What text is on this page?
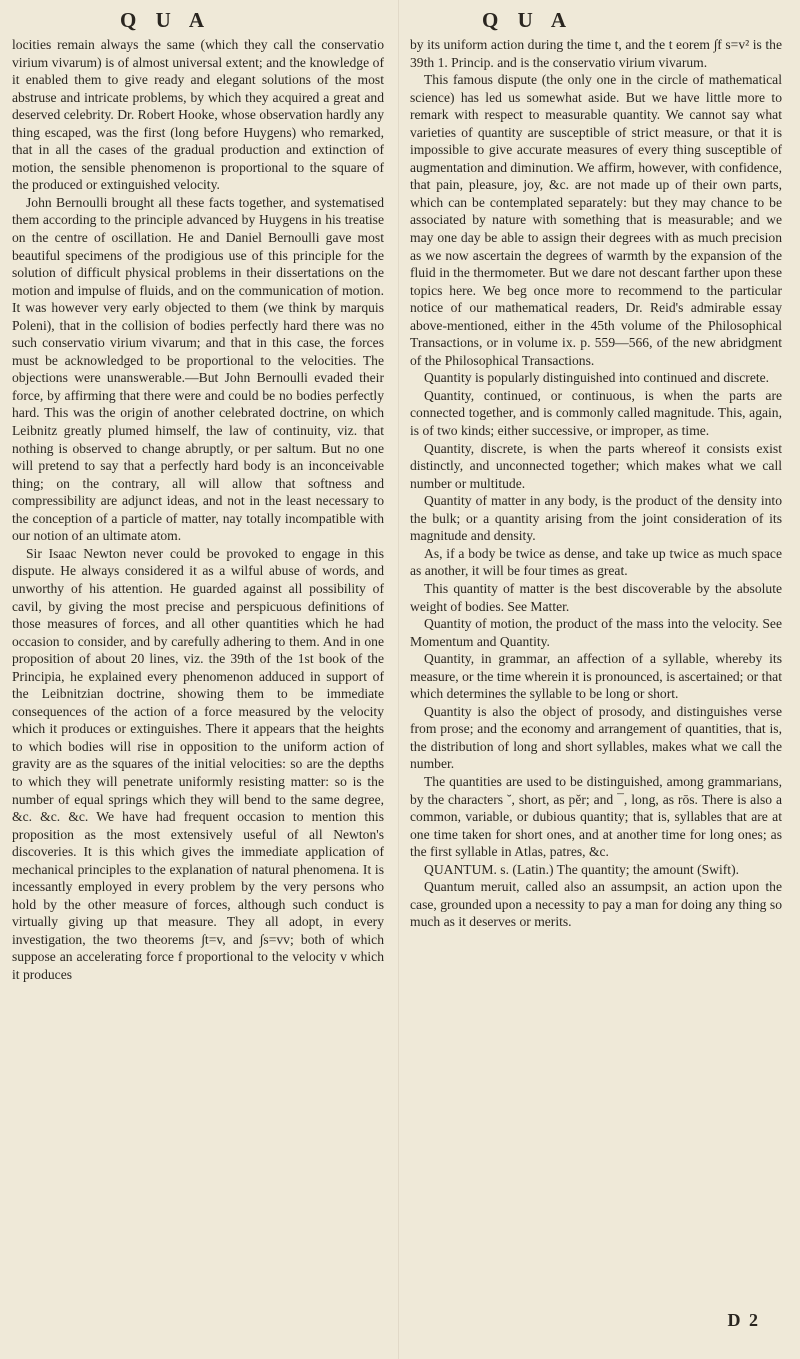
Q U A

locities remain always the same (which they call the conservatio virium vivarum) is of almost universal extent; and the knowledge of it enabled them to give ready and elegant solutions of the most abstruse and intricate problems, by which they acquired a great and deserved celebrity. Dr. Robert Hooke, whose observation hardly any thing escaped, was the first (long before Huygens) who remarked, that in all the cases of the gradual production and extinction of motion, the sensible phenomenon is proportional to the square of the produced or extinguished velocity.

John Bernoulli brought all these facts together, and systematised them according to the principle advanced by Huygens in his treatise on the centre of oscillation. He and Daniel Bernoulli gave most beautiful specimens of the prodigious use of this principle for the solution of difficult physical problems in their dissertations on the motion and impulse of fluids, and on the communication of motion. It was however very early objected to them (we think by marquis Poleni), that in the collision of bodies perfectly hard there was no such conservatio virium vivarum; and that in this case, the forces must be acknowledged to be proportional to the velocities. The objections were unanswerable.—But John Bernoulli evaded their force, by affirming that there were and could be no bodies perfectly hard. This was the origin of another celebrated doctrine, on which Leibnitz greatly plumed himself, the law of continuity, viz. that nothing is observed to change abruptly, or per saltum. But no one will pretend to say that a perfectly hard body is an inconceivable thing; on the contrary, all will allow that softness and compressibility are adjunct ideas, and not in the least necessary to the conception of a particle of matter, nay totally incompatible with our notion of an ultimate atom.

Sir Isaac Newton never could be provoked to engage in this dispute. He always considered it as a wilful abuse of words, and unworthy of his attention. He guarded against all possibility of cavil, by giving the most precise and perspicuous definitions of those measures of forces, and all other quantities which he had occasion to consider, and by carefully adhering to them. And in one proposition of about 20 lines, viz. the 39th of the 1st book of the Principia, he explained every phenomenon adduced in support of the Leibnitzian doctrine, showing them to be immediate consequences of the action of a force measured by the velocity which it produces or extinguishes. There it appears that the heights to which bodies will rise in opposition to the uniform action of gravity are as the squares of the initial velocities: so are the depths to which they will penetrate uniformly resisting matter: so is the number of equal springs which they will bend to the same degree, &c. &c. &c. We have had frequent occasion to mention this proposition as the most extensively useful of all Newton's discoveries. It is this which gives the immediate application of mechanical principles to the explanation of natural phenomena. It is incessantly employed in every problem by the very persons who hold by the other measure of forces, although such conduct is virtually giving up that measure. They all adopt, in every investigation, the two theorems ∫t=v, and ∫s=vv; both of which suppose an accelerating force f proportional to the velocity v which it produces

Q U A

by its uniform action during the time t, and the t eorem ∫f s=v² is the 39th 1. Princip. and is the conservatio virium vivarum.

This famous dispute (the only one in the circle of mathematical science) has led us somewhat aside. But we have little more to remark with respect to measurable quantity. We cannot say what varieties of quantity are susceptible of strict measure, or that it is impossible to give accurate measures of every thing susceptible of augmentation and diminution. We affirm, however, with confidence, that pain, pleasure, joy, &c. are not made up of their own parts, which can be contemplated separately: but they may chance to be associated by nature with something that is measurable; and we may one day be able to assign their degrees with as much precision as we now ascertain the degrees of warmth by the expansion of the fluid in the thermometer. But we dare not descant farther upon these topics here. We beg once more to recommend to the particular notice of our mathematical readers, Dr. Reid's admirable essay above-mentioned, either in the 45th volume of the Philosophical Transactions, or in volume ix. p. 559—566, of the new abridgment of the Philosophical Transactions.

Quantity is popularly distinguished into continued and discrete.

Quantity, continued, or continuous, is when the parts are connected together, and is commonly called magnitude. This, again, is of two kinds; either successive, or improper, as time.

Quantity, discrete, is when the parts whereof it consists exist distinctly, and unconnected together; which makes what we call number or multitude.

Quantity of matter in any body, is the product of the density into the bulk; or a quantity arising from the joint consideration of its magnitude and density.

As, if a body be twice as dense, and take up twice as much space as another, it will be four times as great.

This quantity of matter is the best discoverable by the absolute weight of bodies. See Matter.

Quantity of motion, the product of the mass into the velocity. See Momentum and Quantity.

Quantity, in grammar, an affection of a syllable, whereby its measure, or the time wherein it is pronounced, is ascertained; or that which determines the syllable to be long or short.

Quantity is also the object of prosody, and distinguishes verse from prose; and the economy and arrangement of quantities, that is, the distribution of long and short syllables, makes what we call the number.

The quantities are used to be distinguished, among grammarians, by the characters ˘, short, as pĕr; and ¯, long, as rōs. There is also a common, variable, or dubious quantity; that is, syllables that are at one time taken for short ones, and at another time for long ones; as the first syllable in Atlas, patres, &c.

QUANTUM. s. (Latin.) The quantity; the amount (Swift).

Quantum meruit, called also an assumpsit, an action upon the case, grounded upon a necessity to pay a man for doing any thing so much as it deserves or merits.

D 2
